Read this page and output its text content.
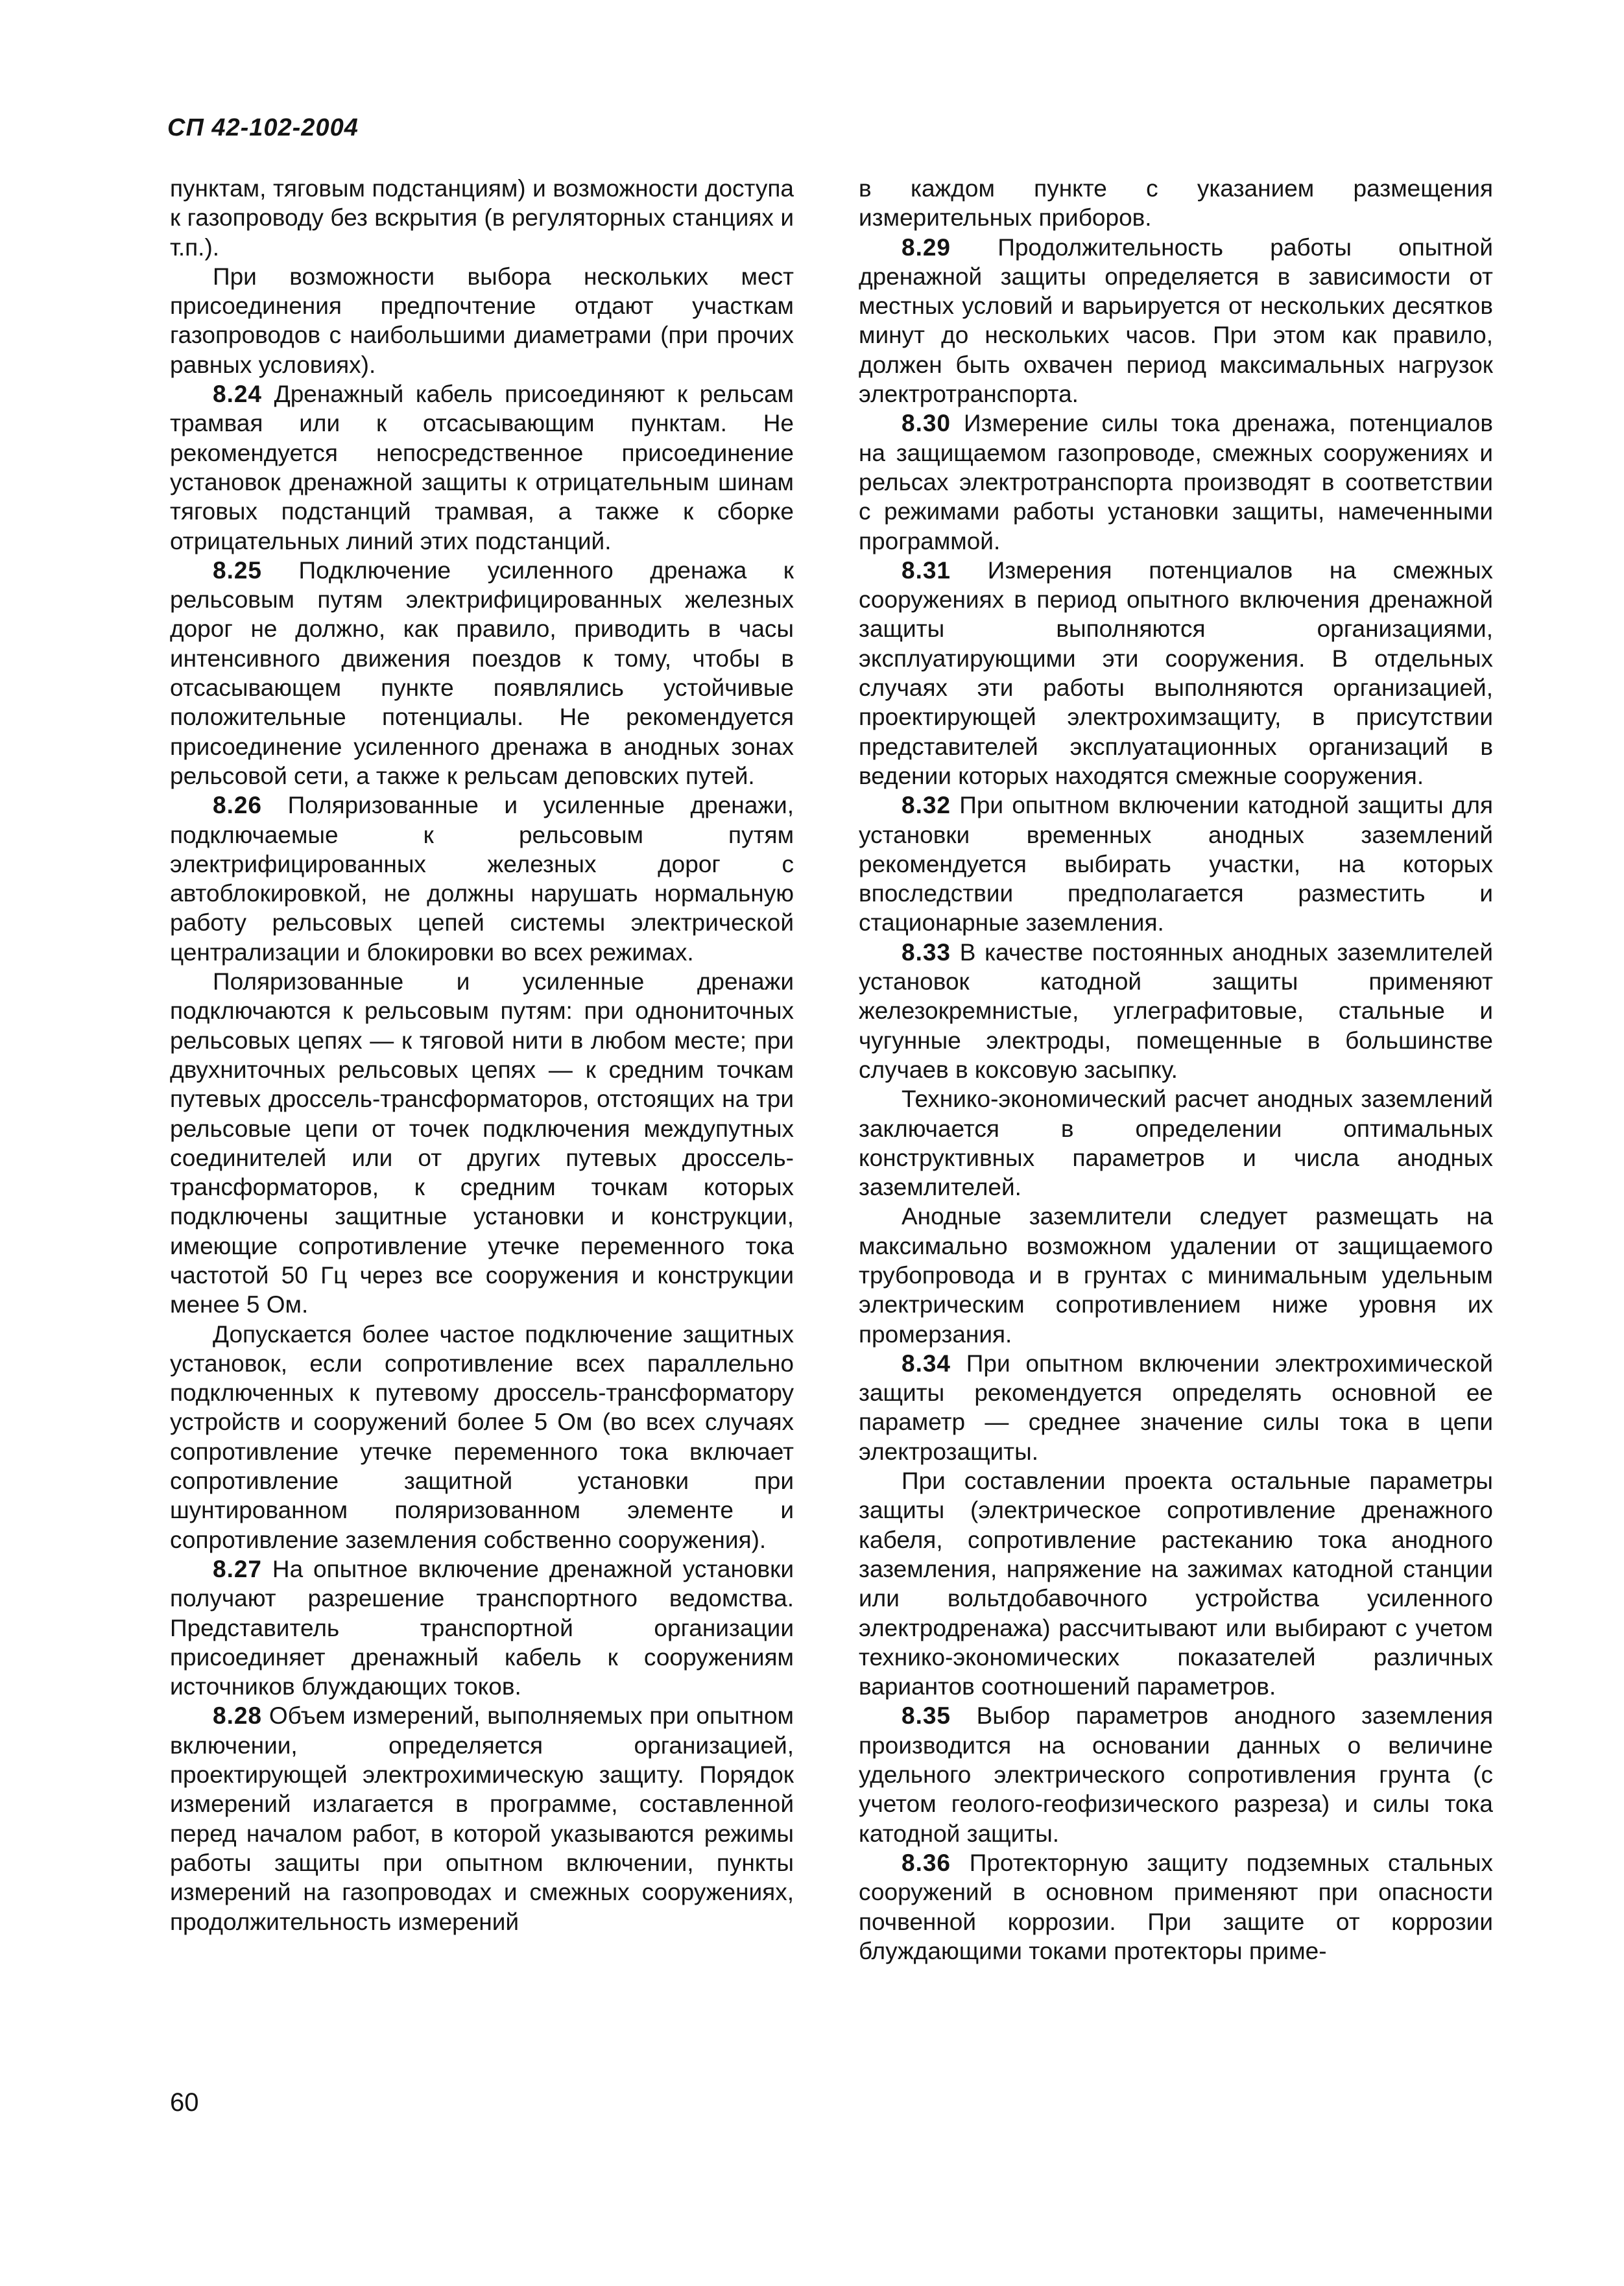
СП 42-102-2004

пунктам, тяговым подстанциям) и возможности доступа к газопроводу без вскрытия (в регуляторных станциях и т.п.).

При возможности выбора нескольких мест присоединения предпочтение отдают участкам газопроводов с наибольшими диаметрами (при прочих равных условиях).

8.24 Дренажный кабель присоединяют к рельсам трамвая или к отсасывающим пунктам. Не рекомендуется непосредственное присоединение установок дренажной защиты к отрицательным шинам тяговых подстанций трамвая, а также к сборке отрицательных линий этих подстанций.

8.25 Подключение усиленного дренажа к рельсовым путям электрифицированных железных дорог не должно, как правило, приводить в часы интенсивного движения поездов к тому, чтобы в отсасывающем пункте появлялись устойчивые положительные потенциалы. Не рекомендуется присоединение усиленного дренажа в анодных зонах рельсовой сети, а также к рельсам деповских путей.

8.26 Поляризованные и усиленные дренажи, подключаемые к рельсовым путям электрифицированных железных дорог с автоблокировкой, не должны нарушать нормальную работу рельсовых цепей системы электрической централизации и блокировки во всех режимах.

Поляризованные и усиленные дренажи подключаются к рельсовым путям: при однониточных рельсовых цепях — к тяговой нити в любом месте; при двухниточных рельсовых цепях — к средним точкам путевых дроссель-трансформаторов, отстоящих на три рельсовые цепи от точек подключения междупутных соединителей или от других путевых дроссель-трансформаторов, к средним точкам которых подключены защитные установки и конструкции, имеющие сопротивление утечке переменного тока частотой 50 Гц через все сооружения и конструкции менее 5 Ом.

Допускается более частое подключение защитных установок, если сопротивление всех параллельно подключенных к путевому дроссель-трансформатору устройств и сооружений более 5 Ом (во всех случаях сопротивление утечке переменного тока включает сопротивление защитной установки при шунтированном поляризованном элементе и сопротивление заземления собственно сооружения).

8.27 На опытное включение дренажной установки получают разрешение транспортного ведомства. Представитель транспортной организации присоединяет дренажный кабель к сооружениям источников блуждающих токов.

8.28 Объем измерений, выполняемых при опытном включении, определяется организацией, проектирующей электрохимическую защиту. Порядок измерений излагается в программе, составленной перед началом работ, в которой указываются режимы работы защиты при опытном включении, пункты измерений на газопроводах и смежных сооружениях, продолжительность измерений

в каждом пункте с указанием размещения измерительных приборов.

8.29 Продолжительность работы опытной дренажной защиты определяется в зависимости от местных условий и варьируется от нескольких десятков минут до нескольких часов. При этом как правило, должен быть охвачен период максимальных нагрузок электротранспорта.

8.30 Измерение силы тока дренажа, потенциалов на защищаемом газопроводе, смежных сооружениях и рельсах электротранспорта производят в соответствии с режимами работы установки защиты, намеченными программой.

8.31 Измерения потенциалов на смежных сооружениях в период опытного включения дренажной защиты выполняются организациями, эксплуатирующими эти сооружения. В отдельных случаях эти работы выполняются организацией, проектирующей электрохимзащиту, в присутствии представителей эксплуатационных организаций в ведении которых находятся смежные сооружения.

8.32 При опытном включении катодной защиты для установки временных анодных заземлений рекомендуется выбирать участки, на которых впоследствии предполагается разместить и стационарные заземления.

8.33 В качестве постоянных анодных заземлителей установок катодной защиты применяют железокремнистые, углеграфитовые, стальные и чугунные электроды, помещенные в большинстве случаев в коксовую засыпку.

Технико-экономический расчет анодных заземлений заключается в определении оптимальных конструктивных параметров и числа анодных заземлителей.

Анодные заземлители следует размещать на максимально возможном удалении от защищаемого трубопровода и в грунтах с минимальным удельным электрическим сопротивлением ниже уровня их промерзания.

8.34 При опытном включении электрохимической защиты рекомендуется определять основной ее параметр — среднее значение силы тока в цепи электрозащиты.

При составлении проекта остальные параметры защиты (электрическое сопротивление дренажного кабеля, сопротивление растеканию тока анодного заземления, напряжение на зажимах катодной станции или вольтдобавочного устройства усиленного электродренажа) рассчитывают или выбирают с учетом технико-экономических показателей различных вариантов соотношений параметров.

8.35 Выбор параметров анодного заземления производится на основании данных о величине удельного электрического сопротивления грунта (с учетом геолого-геофизического разреза) и силы тока катодной защиты.

8.36 Протекторную защиту подземных стальных сооружений в основном применяют при опасности почвенной коррозии. При защите от коррозии блуждающими токами протекторы приме-

60
